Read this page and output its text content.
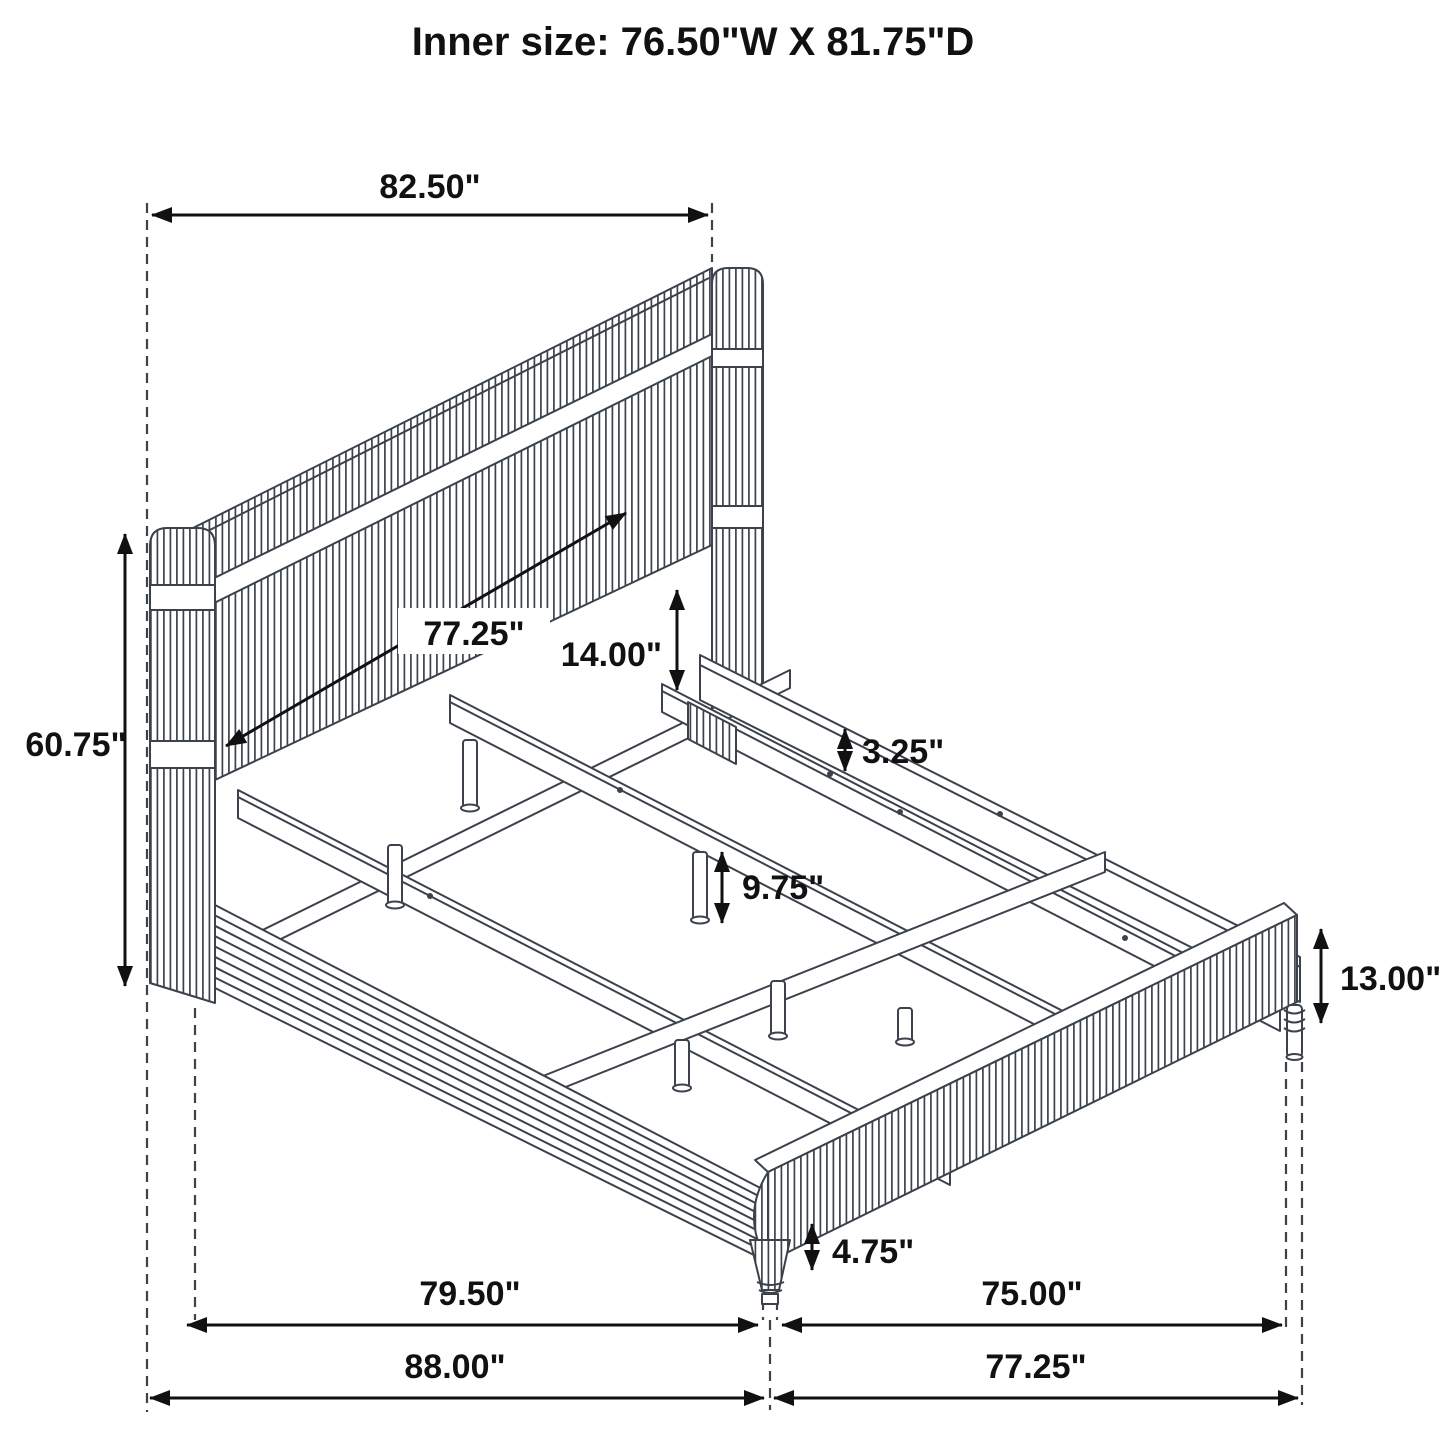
82.50"
60.75"
77.25"
14.00"
3.25"
9.75"
13.00"
4.75"
79.50"	75.00"
88.00"	77.25"
Inner size: 76.50"W X 81.75"D
